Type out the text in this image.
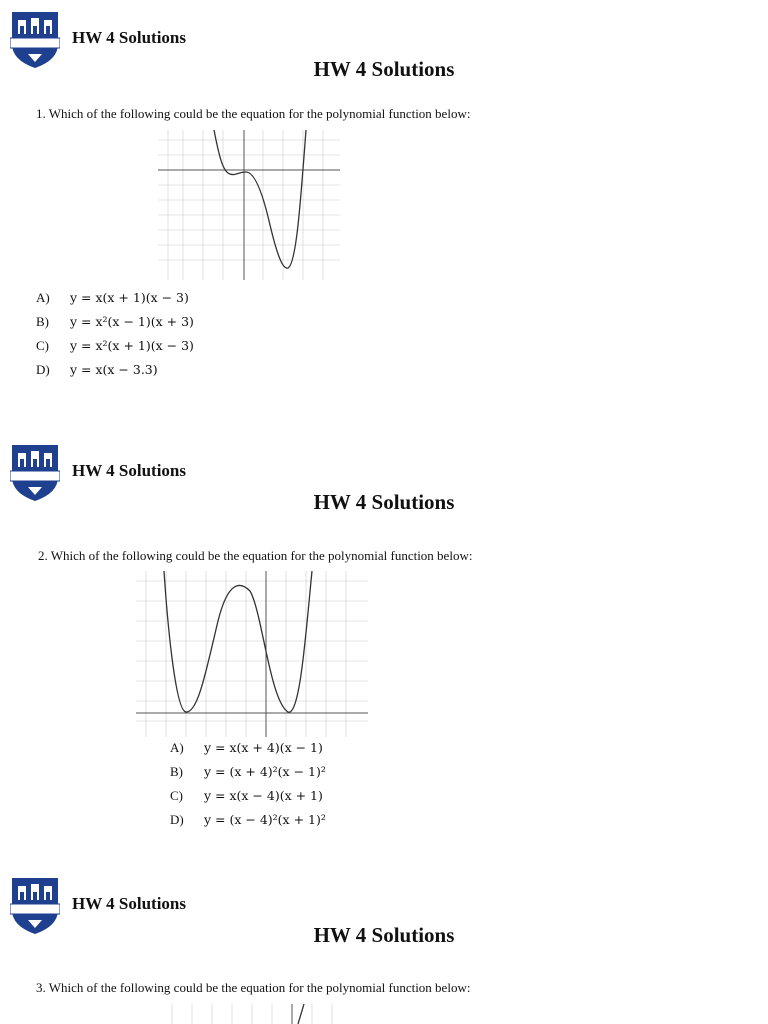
HW 4 Solutions
HW 4 Solutions
1. Which of the following could be the equation for the polynomial function below:
A) y = x(x + 1)(x − 3)
B) y = x²(x − 1)(x + 3)
C) y = x²(x + 1)(x − 3)
D) y = x(x − 3.3)
HW 4 Solutions
HW 4 Solutions
2. Which of the following could be the equation for the polynomial function below:
A) y = x(x + 4)(x − 1)
B) y = (x + 4)²(x − 1)²
C) y = x(x − 4)(x + 1)
D) y = (x − 4)²(x + 1)²
HW 4 Solutions
HW 4 Solutions
3. Which of the following could be the equation for the polynomial function below:
